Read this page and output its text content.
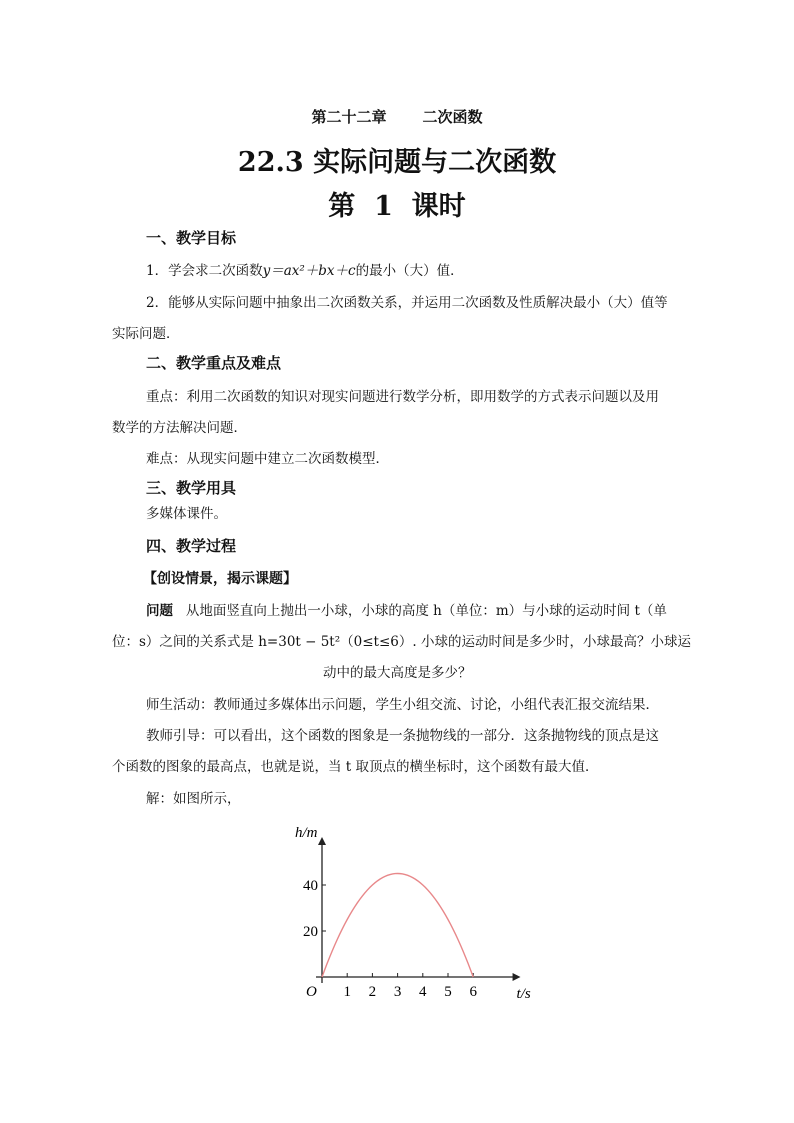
第二十二章 二次函数
22.3 实际问题与二次函数
第  1  课时
一、教学目标
1．学会求二次函数y＝ax²＋bx＋c的最小（大）值．
2．能够从实际问题中抽象出二次函数关系，并运用二次函数及性质解决最小（大）值等
实际问题．
二、教学重点及难点
重点：利用二次函数的知识对现实问题进行数学分析，即用数学的方式表示问题以及用
数学的方法解决问题．
难点：从现实问题中建立二次函数模型．
三、教学用具
多媒体课件。
四、教学过程
【创设情景，揭示课题】
问题 从地面竖直向上抛出一小球，小球的高度 h（单位：m）与小球的运动时间 t（单
位：s）之间的关系式是 h=30t − 5t²（0≤t≤6）. 小球的运动时间是多少时，小球最高？小球运
动中的最大高度是多少？
师生活动：教师通过多媒体出示问题，学生小组交流、讨论，小组代表汇报交流结果．
教师引导：可以看出，这个函数的图象是一条抛物线的一部分．这条抛物线的顶点是这
个函数的图象的最高点，也就是说，当 t 取顶点的横坐标时，这个函数有最大值．
解：如图所示，
1 2 3 4 5 6
20
40
h/m
t/s
O
